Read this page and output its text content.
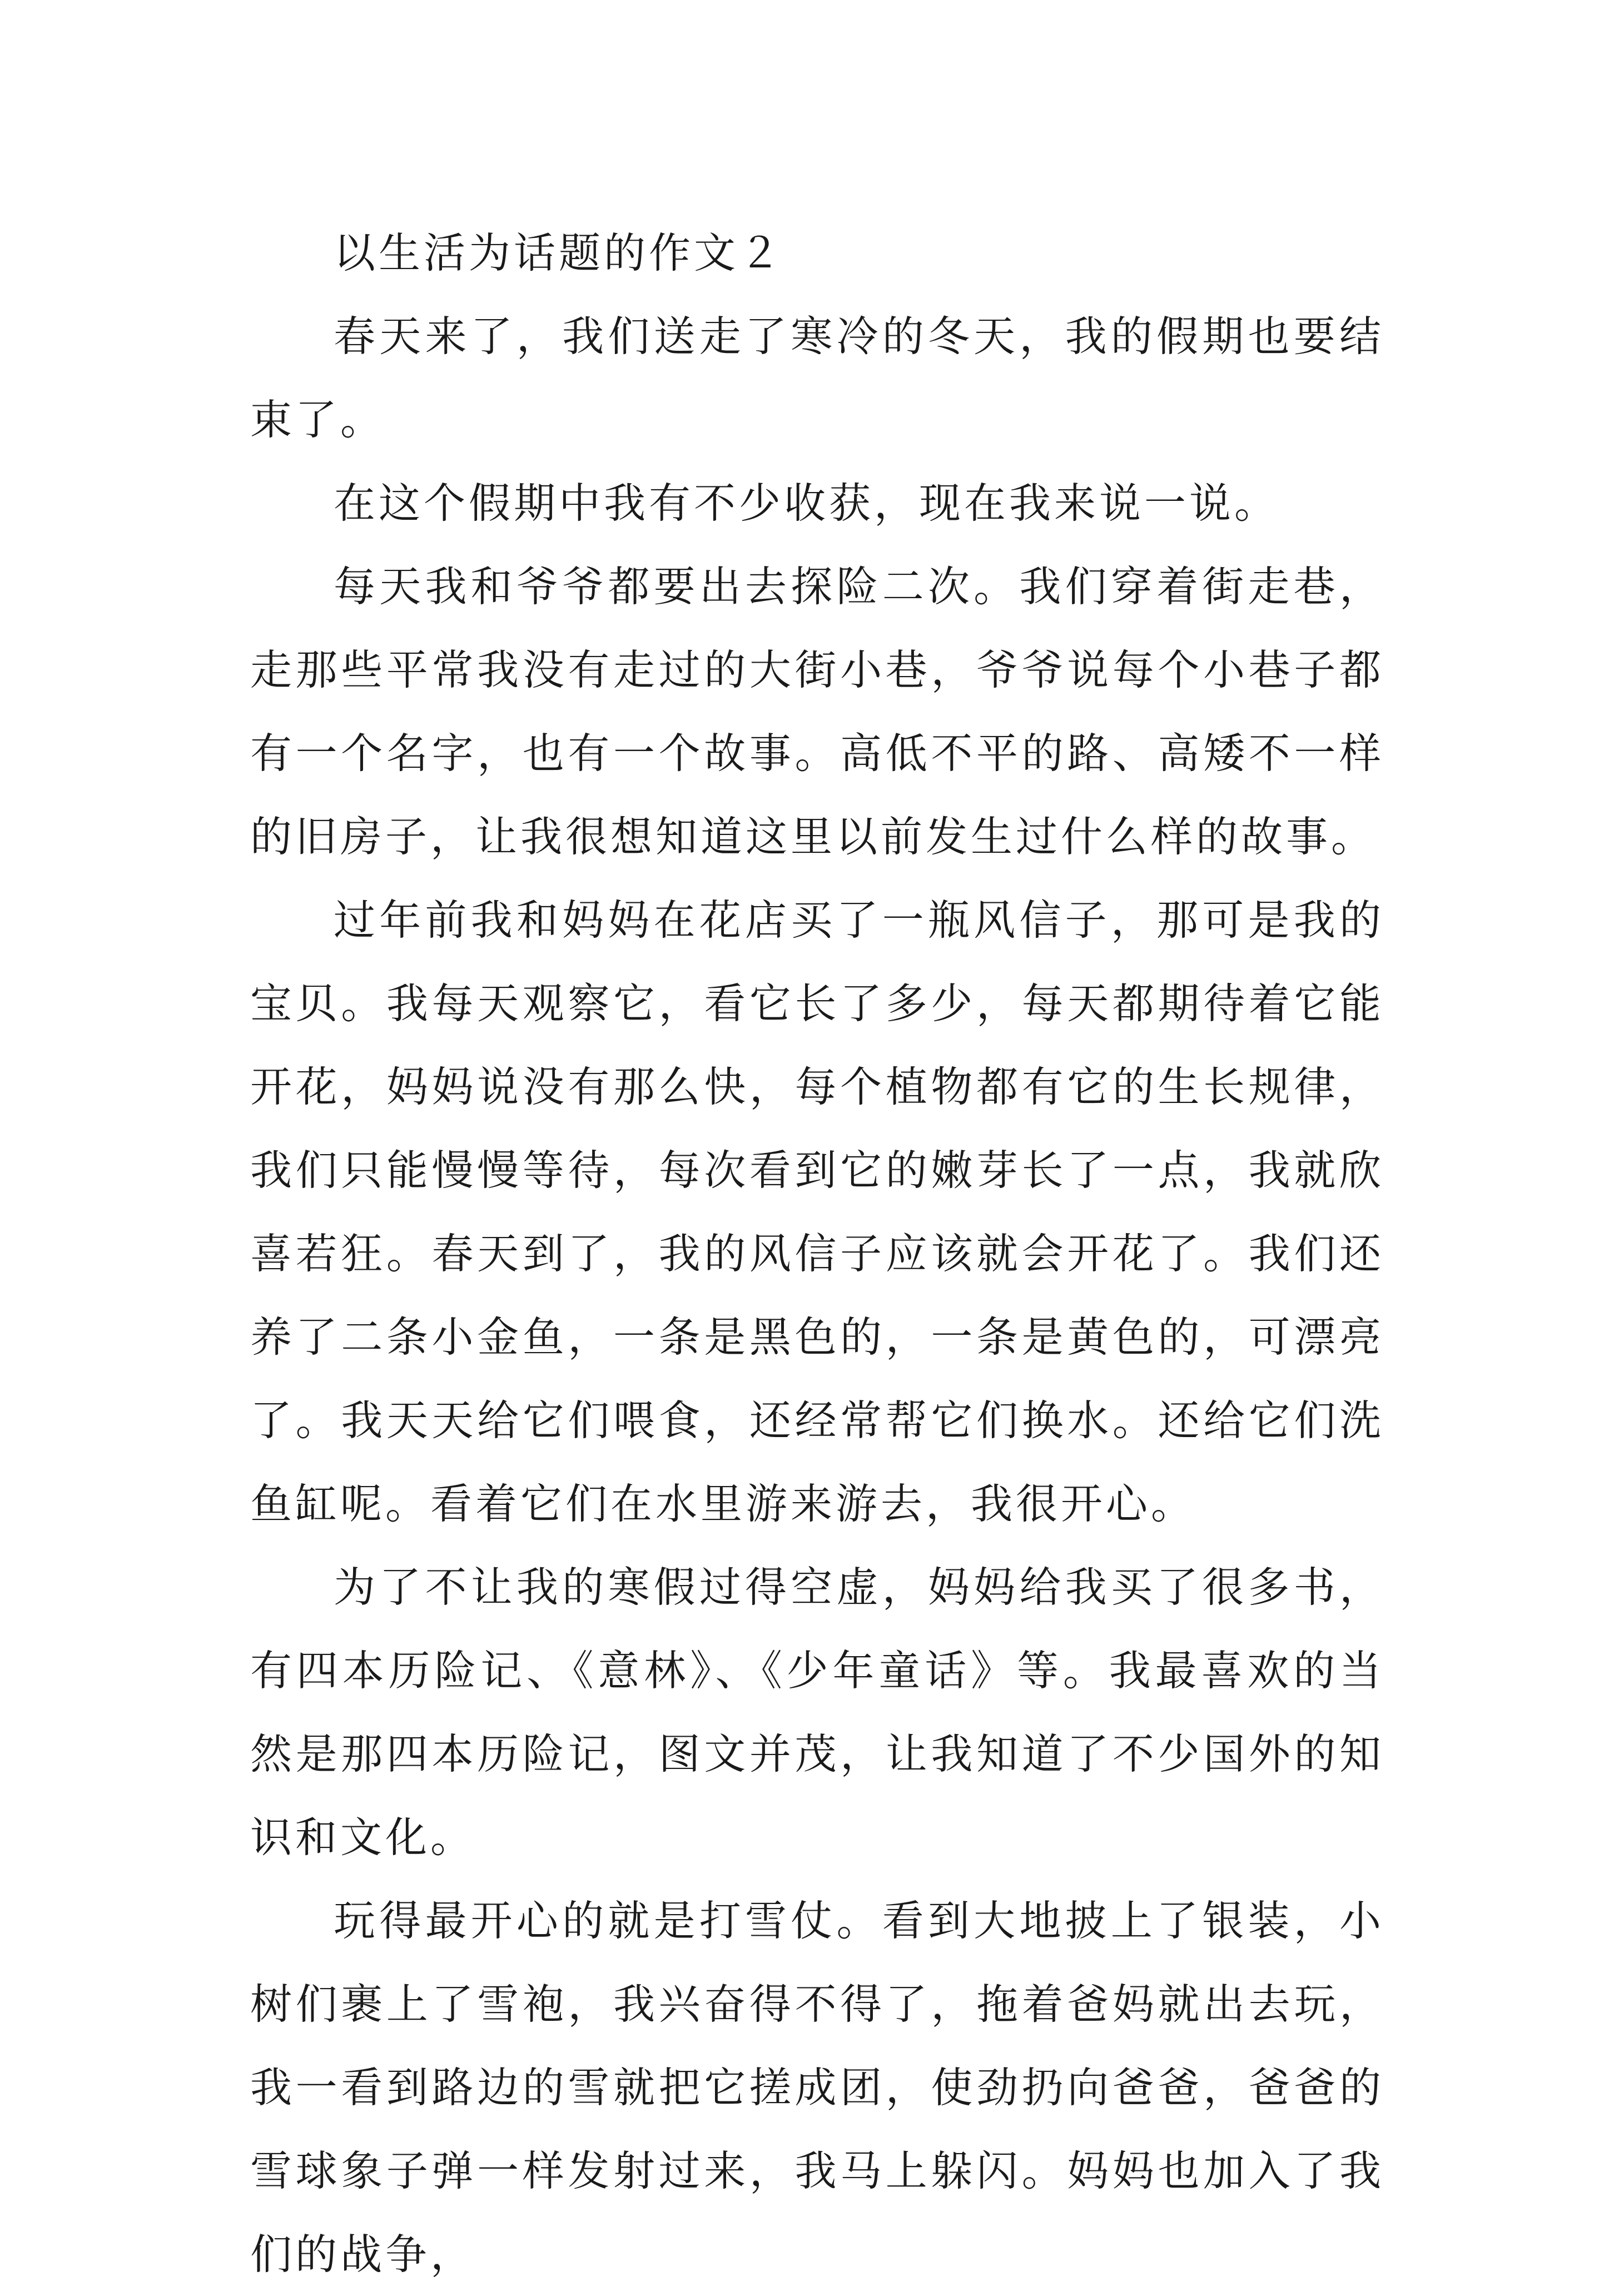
以生活为话题的作文２

春天来了，我们送走了寒冷的冬天，我的假期也要结束了。

在这个假期中我有不少收获，现在我来说一说。

每天我和爷爷都要出去探险二次。我们穿着街走巷，走那些平常我没有走过的大街小巷，爷爷说每个小巷子都有一个名字，也有一个故事。高低不平的路、高矮不一样的旧房子，让我很想知道这里以前发生过什么样的故事。

过年前我和妈妈在花店买了一瓶风信子，那可是我的宝贝。我每天观察它，看它长了多少，每天都期待着它能开花，妈妈说没有那么快，每个植物都有它的生长规律，我们只能慢慢等待，每次看到它的嫩芽长了一点，我就欣喜若狂。春天到了，我的风信子应该就会开花了。我们还养了二条小金鱼，一条是黑色的，一条是黄色的，可漂亮了。我天天给它们喂食，还经常帮它们换水。还给它们洗鱼缸呢。看着它们在水里游来游去，我很开心。

为了不让我的寒假过得空虚，妈妈给我买了很多书，有四本历险记、《意林》、《少年童话》等。我最喜欢的当然是那四本历险记，图文并茂，让我知道了不少国外的知识和文化。

玩得最开心的就是打雪仗。看到大地披上了银装，小树们裹上了雪袍，我兴奋得不得了，拖着爸妈就出去玩，我一看到路边的雪就把它搓成团，使劲扔向爸爸，爸爸的雪球象子弹一样发射过来，我马上躲闪。妈妈也加入了我们的战争，
